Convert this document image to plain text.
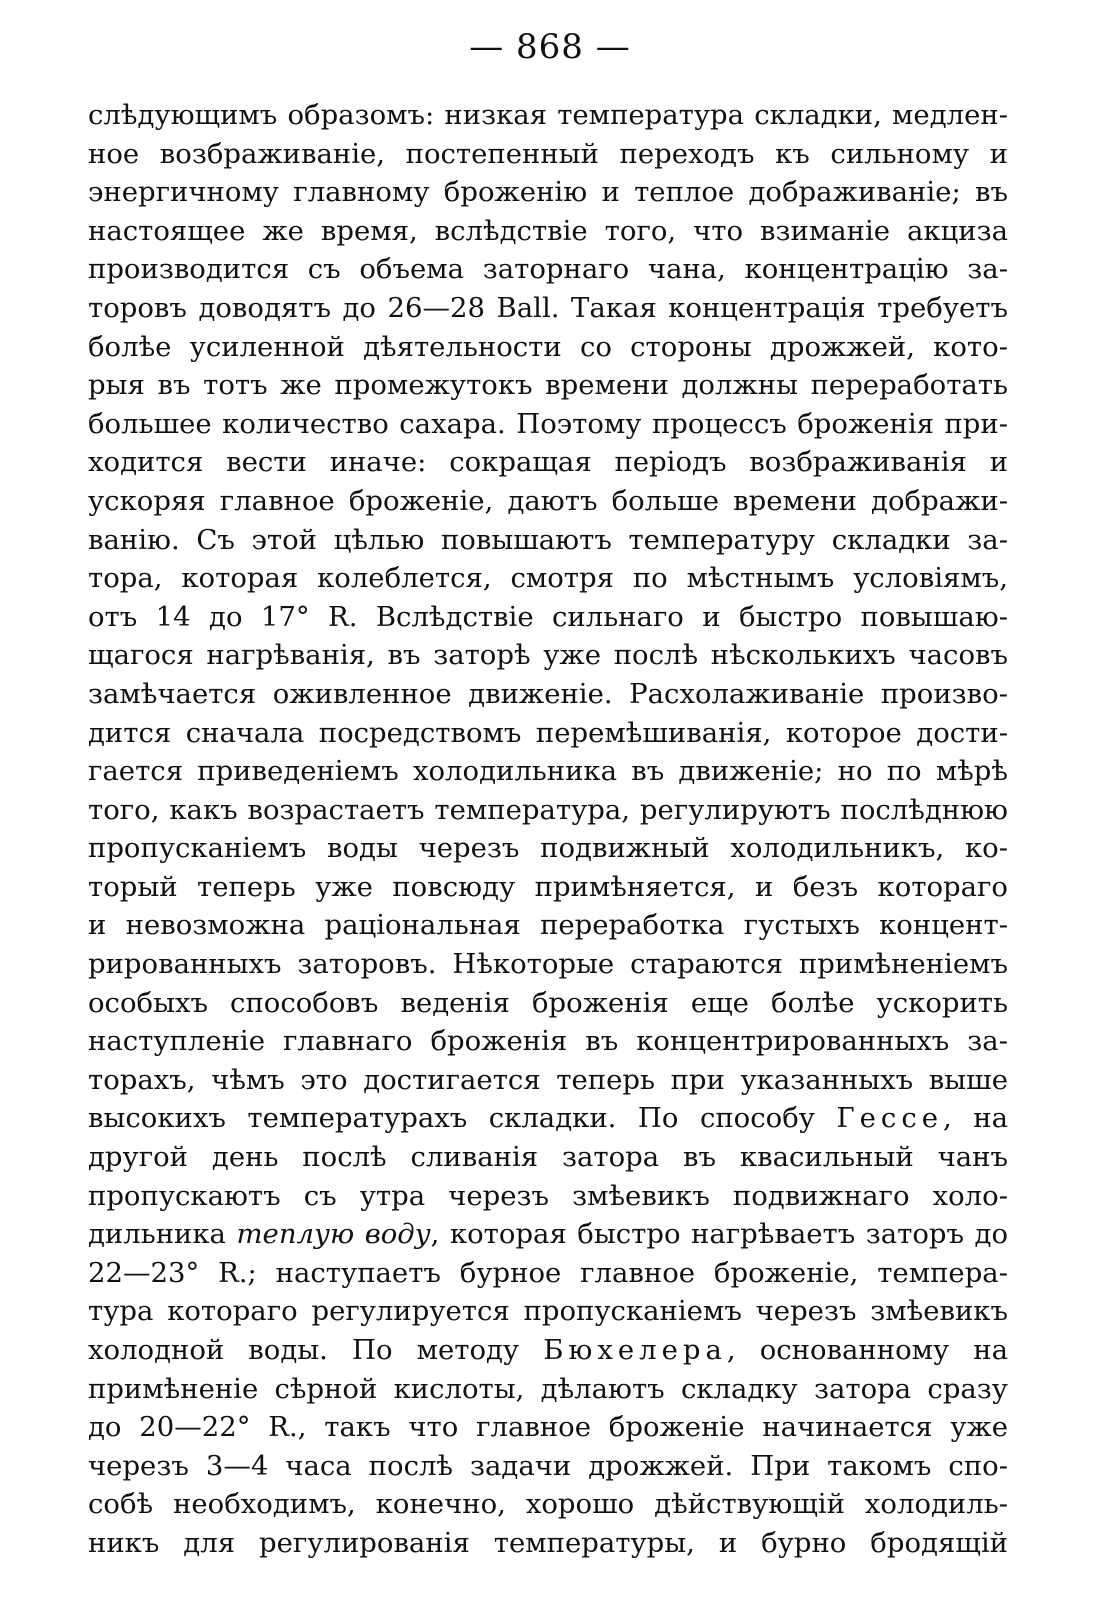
— 868 —
слѣдующимъ образомъ: низкая температура складки, медлен-
ное возбраживаніе, постепенный переходъ къ сильному и
энергичному главному броженію и теплое дображиваніе; въ
настоящее же время, вслѣдствіе того, что взиманіе акциза
производится съ объема заторнаго чана, концентрацію за-
торовъ доводятъ до 26—28 Ball. Такая концентрація требуетъ
болѣе усиленной дѣятельности со стороны дрожжей, кото-
рыя въ тотъ же промежутокъ времени должны переработать
большее количество сахара. Поэтому процессъ броженія при-
ходится вести иначе: сокращая періодъ возбраживанія и
ускоряя главное броженіе, даютъ больше времени дображи-
ванію. Съ этой цѣлью повышаютъ температуру складки за-
тора, которая колеблется, смотря по мѣстнымъ условіямъ,
отъ 14 до 17° R. Вслѣдствіе сильнаго и быстро повышаю-
щагося нагрѣванія, въ заторѣ уже послѣ нѣсколькихъ часовъ
замѣчается оживленное движеніе. Расхолаживаніе произво-
дится сначала посредствомъ перемѣшиванія, которое дости-
гается приведеніемъ холодильника въ движеніе; но по мѣрѣ
того, какъ возрастаетъ температура, регулируютъ послѣднюю
пропусканіемъ воды черезъ подвижный холодильникъ, ко-
торый теперь уже повсюду примѣняется, и безъ котораго
и невозможна раціональная переработка густыхъ концент-
рированныхъ заторовъ. Нѣкоторые стараются примѣненіемъ
особыхъ способовъ веденія броженія еще болѣе ускорить
наступленіе главнаго броженія въ концентрированныхъ за-
торахъ, чѣмъ это достигается теперь при указанныхъ выше
высокихъ температурахъ складки. По способу Гессе, на
другой день послѣ сливанія затора въ квасильный чанъ
пропускаютъ съ утра черезъ змѣевикъ подвижнаго холо-
дильника теплую воду, которая быстро нагрѣваетъ заторъ до
22—23° R.; наступаетъ бурное главное броженіе, темпера-
тура котораго регулируется пропусканіемъ черезъ змѣевикъ
холодной воды. По методу Бюхелера, основанному на
примѣненіе сѣрной кислоты, дѣлаютъ складку затора сразу
до 20—22° R., такъ что главное броженіе начинается уже
черезъ 3—4 часа послѣ задачи дрожжей. При такомъ спо-
собѣ необходимъ, конечно, хорошо дѣйствующій холодиль-
никъ для регулированія температуры, и бурно бродящій
